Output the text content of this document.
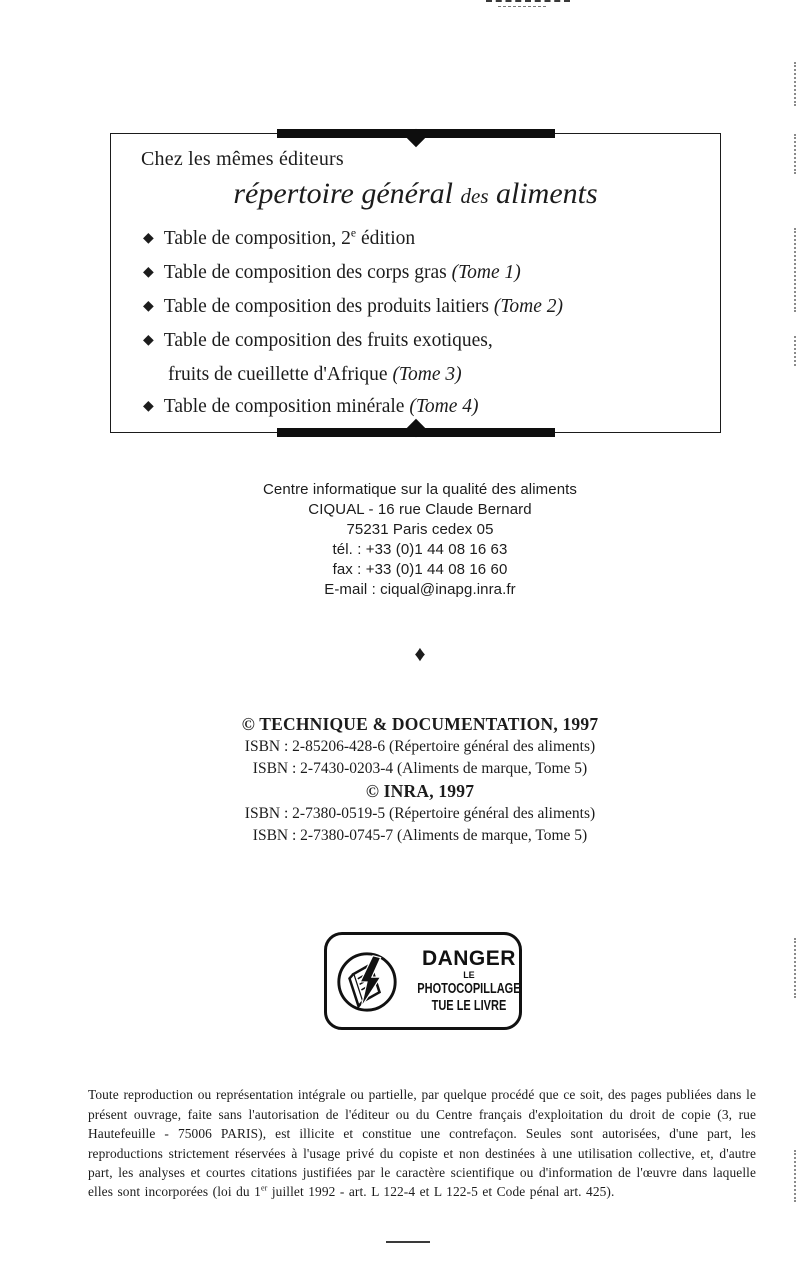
Chez les mêmes éditeurs
répertoire général des aliments
◆ Table de composition, 2e édition
◆ Table de composition des corps gras (Tome 1)
◆ Table de composition des produits laitiers (Tome 2)
◆ Table de composition des fruits exotiques,
fruits de cueillette d'Afrique (Tome 3)
◆ Table de composition minérale (Tome 4)
Centre informatique sur la qualité des aliments
CIQUAL - 16 rue Claude Bernard
75231 Paris cedex 05
tél. : +33 (0)1 44 08 16 63
fax : +33 (0)1 44 08 16 60
E-mail : ciqual@inapg.inra.fr
♦
© TECHNIQUE & DOCUMENTATION, 1997
ISBN : 2-85206-428-6 (Répertoire général des aliments)
ISBN : 2-7430-0203-4 (Aliments de marque, Tome 5)
© INRA, 1997
ISBN : 2-7380-0519-5 (Répertoire général des aliments)
ISBN : 2-7380-0745-7 (Aliments de marque, Tome 5)
DANGER
LE
PHOTOCOPILLAGE
TUE LE LIVRE

Toute reproduction ou représentation intégrale ou partielle, par quelque procédé que ce soit, des pages publiées dans le présent ouvrage, faite sans l'autorisation de l'éditeur ou du Centre français d'exploitation du droit de copie (3, rue Hautefeuille - 75006 PARIS), est illicite et constitue une contrefaçon. Seules sont autorisées, d'une part, les reproductions strictement réservées à l'usage privé du copiste et non destinées à une utilisation collective, et, d'autre part, les analyses et courtes citations justifiées par le caractère scientifique ou d'information de l'œuvre dans laquelle elles sont incorporées (loi du 1er juillet 1992 - art. L 122-4 et L 122-5 et Code pénal art. 425).
